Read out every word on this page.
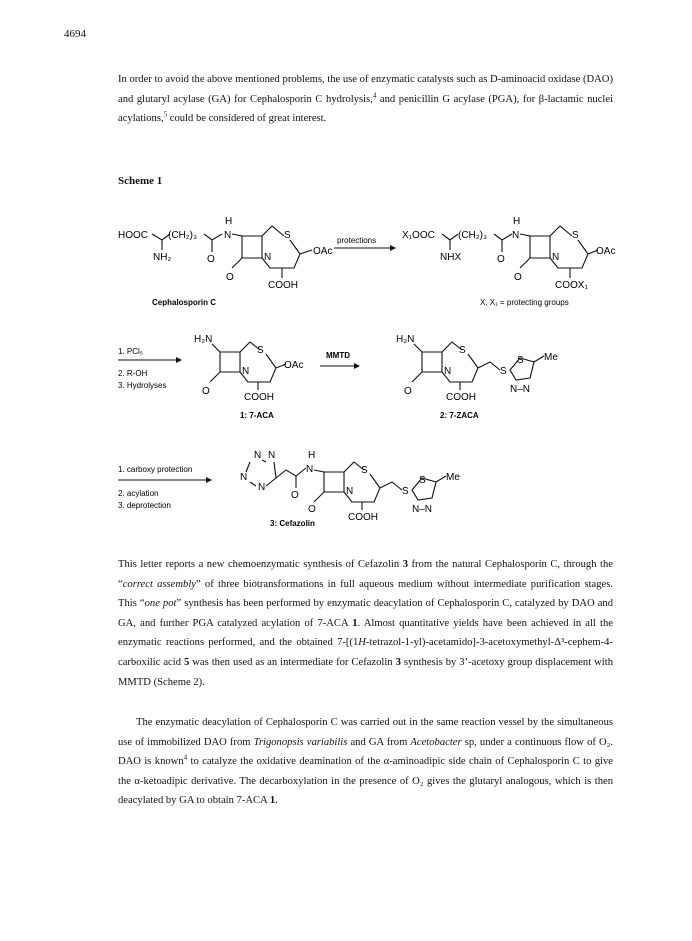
4694

In order to avoid the above mentioned problems, the use of enzymatic catalysts such as D-aminoacid oxidase (DAO) and glutaryl acylase (GA) for Cephalosporin C hydrolysis,$^4$ and penicillin G acylase (PGA), for β-lactamic nuclei acylations,$^5$ could be considered of great interest.

Scheme 1
HOOC (CH₂)₃
NH₂	O
N
H
O
S
N
OAc
COOH
Cephalosporin C
protections	X₁OOC (CH₂)₃
NHX	O
N
H
O
S
N
OAc
COOX₁
X, X₁ = protecting groups
1. PCl₅
2. R-OH
3. Hydrolyses
H₂N
O
S
N
OAc
COOH
1: 7-ACA
MMTD
H₂N
O
S
N	S
S Me
N–N
COOH
2: 7-ZACA
1. carboxy protection
2. acylation
3. deprotection
N N
N
N
O
N
H
O
S
N	S
S Me
N–N
COOH
3: Cefazolin

This letter reports a new chemoenzymatic synthesis of Cefazolin 3 from the natural Cephalosporin C, through the “correct assembly” of three biotransformations in full aqueous medium without intermediate purification stages. This “one pot” synthesis has been performed by enzymatic deacylation of Cephalosporin C, catalyzed by DAO and GA, and further PGA catalyzed acylation of 7-ACA 1. Almost quantitative yields have been achieved in all the enzymatic reactions performed, and the obtained 7-[(1H-tetrazol-1-yl)-acetamido]-3-acetoxymethyl-Δ³-cephem-4-carboxilic acid 5 was then used as an intermediate for Cefazolin 3 synthesis by 3’-acetoxy group displacement with MMTD (Scheme 2).

The enzymatic deacylation of Cephalosporin C was carried out in the same reaction vessel by the simultaneous use of immobilized DAO from Trigonopsis variabilis and GA from Acetobacter sp, under a continuous flow of O₂. DAO is known$^4$ to catalyze the oxidative deamination of the α-aminoadipic side chain of Cephalosporin C to give the α-ketoadipic derivative. The decarboxylation in the presence of O₂ gives the glutaryl analogous, which is then deacylated by GA to obtain 7-ACA 1.
